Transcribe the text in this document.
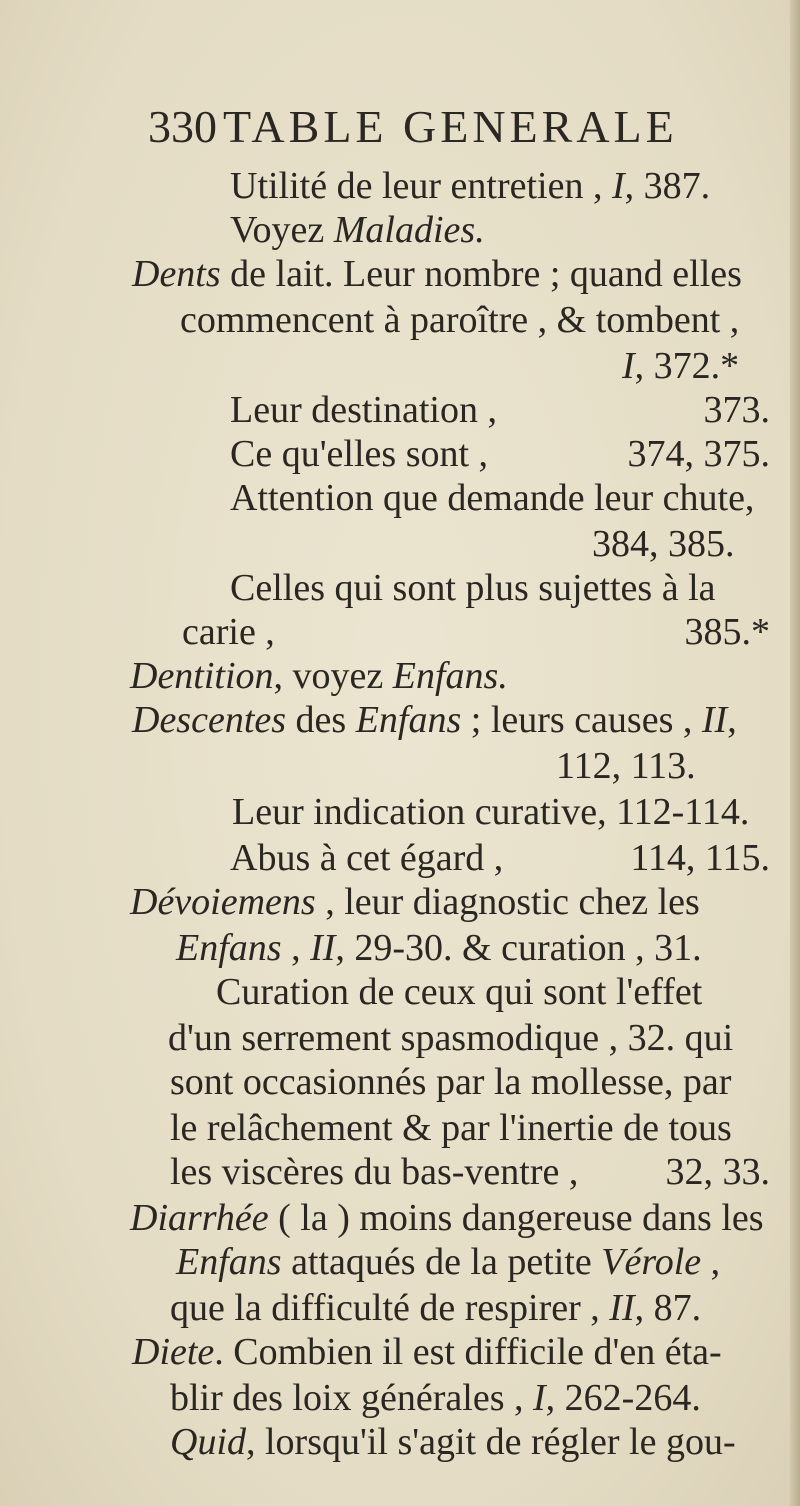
330 TABLE GENERALE
Utilité de leur entretien , I, 387.
Voyez Maladies.
Dents de lait. Leur nombre ; quand elles
commencent à paroître , & tombent ,
I, 372.*
Leur destination ,	373.
Ce qu'elles sont ,	374, 375.
Attention que demande leur chute,
384, 385.
Celles qui sont plus sujettes à la
carie ,	385.*
Dentition, voyez Enfans.
Descentes des Enfans ; leurs causes , II,
112, 113.
Leur indication curative, 112-114.
Abus à cet égard ,	114, 115.
Dévoiemens , leur diagnostic chez les
Enfans , II, 29-30. & curation , 31.
Curation de ceux qui sont l'effet
d'un serrement spasmodique , 32. qui
sont occasionnés par la mollesse, par
le relâchement & par l'inertie de tous
les viscères du bas-ventre , 32, 33.
Diarrhée ( la ) moins dangereuse dans les
Enfans attaqués de la petite Vérole ,
que la difficulté de respirer , II, 87.
Diete. Combien il est difficile d'en éta-
blir des loix générales , I, 262-264.
Quid, lorsqu'il s'agit de régler le gou-
